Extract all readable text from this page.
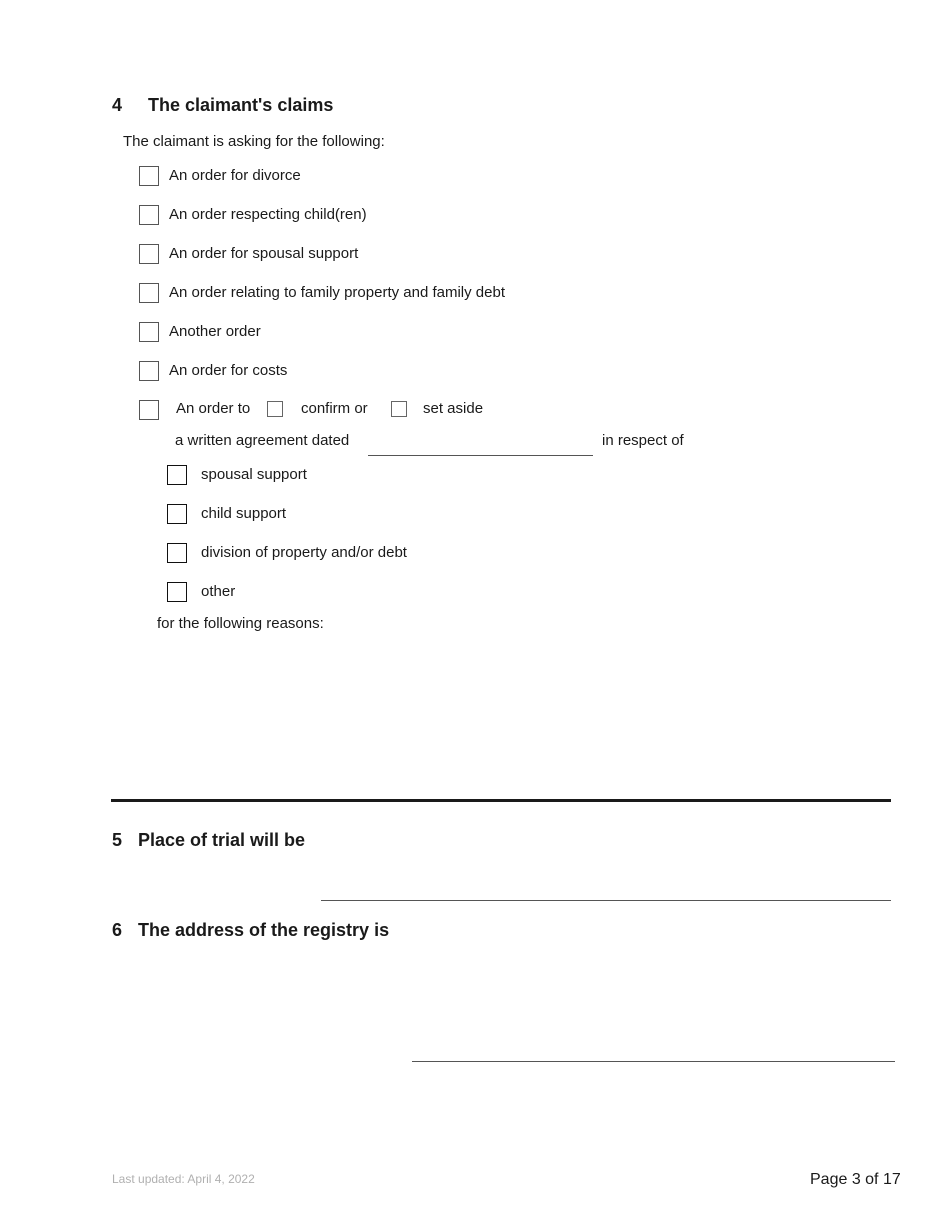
4 The claimant's claims
The claimant is asking for the following:
An order for divorce
An order respecting child(ren)
An order for spousal support
An order relating to family property and family debt
Another order
An order for costs
An order to	confirm or	set aside
a written agreement dated	in respect of
spousal support
child support
division of property and/or debt
other
for the following reasons:
5 Place of trial will be
6 The address of the registry is
Last updated: April 4, 2022	Page 3 of 17
